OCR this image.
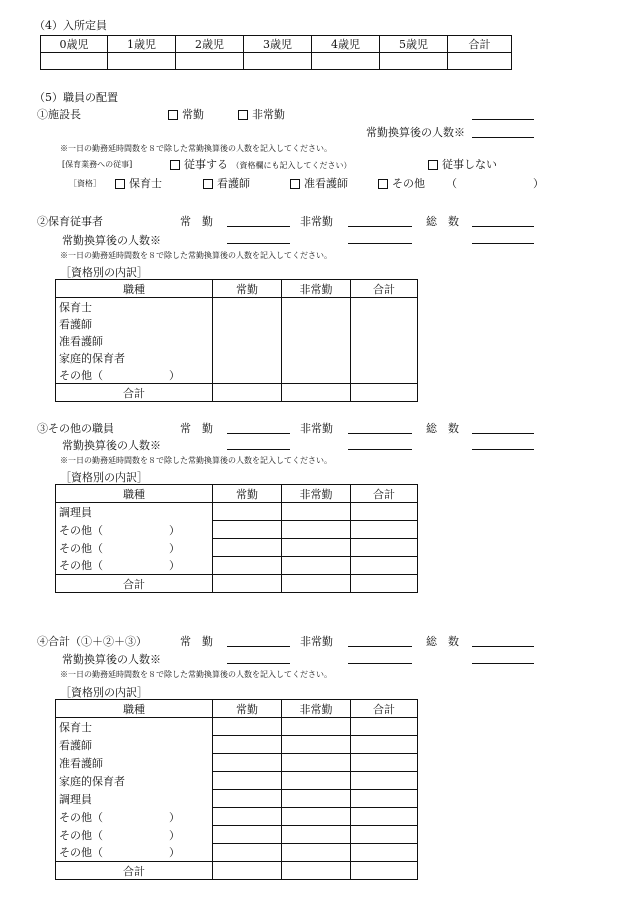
（4）入所定員
0歳児	1歳児	2歳児	3歳児	4歳児	5歳児	合計

（5）職員の配置
①施設長	常勤	非常勤
常勤換算後の人数※
※一日の勤務延時間数を８で除した常勤換算後の人数を記入してください。
[保育業務への従事]	従事する （資格欄にも記入してください）	従事しない
［資格］	保育士	看護師	准看護師	その他 （	）
②保育従事者	常　勤	非常勤	総　数
常勤換算後の人数※
※一日の勤務延時間数を８で除した常勤換算後の人数を記入してください。
［資格別の内訳］
職種	常勤	非常勤	合計
保育士			
看護師			
准看護師			
家庭的保育者			
その他（　　　　　　）			
合計			
③その他の職員	常　勤	非常勤	総　数
常勤換算後の人数※
※一日の勤務延時間数を８で除した常勤換算後の人数を記入してください。
［資格別の内訳］
職種	常勤	非常勤	合計
調理員			
その他（　　　　　　）			
その他（　　　　　　）			
その他（　　　　　　）			
合計			
④合計（①＋②＋③）	常　勤	非常勤	総　数
常勤換算後の人数※
※一日の勤務延時間数を８で除した常勤換算後の人数を記入してください。
［資格別の内訳］
職種	常勤	非常勤	合計
保育士			
看護師			
准看護師			
家庭的保育者			
調理員			
その他（　　　　　　）			
その他（　　　　　　）			
その他（　　　　　　）			
合計			
